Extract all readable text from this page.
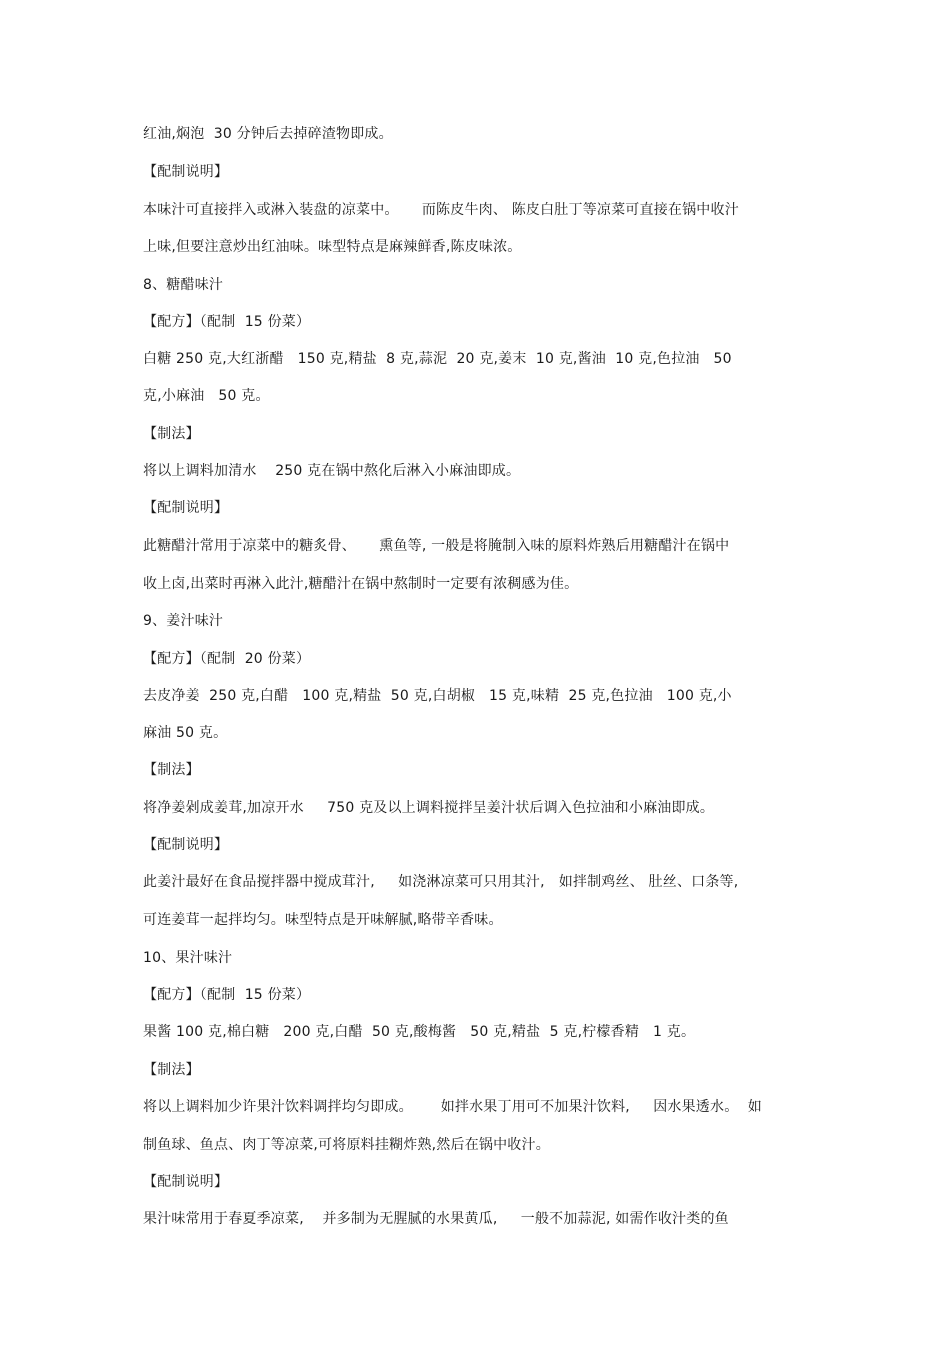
红油,焖泡  30 分钟后去掉碎渣物即成。
【配制说明】
本味汁可直接拌入或淋入装盘的凉菜中。     而陈皮牛肉、 陈皮白肚丁等凉菜可直接在锅中收汁
上味,但要注意炒出红油味。味型特点是麻辣鲜香,陈皮味浓。
8、糖醋味汁
【配方】（配制  15 份菜）
白糖 250 克,大红浙醋   150 克,精盐  8 克,蒜泥  20 克,姜末  10 克,酱油  10 克,色拉油   50
克,小麻油   50 克。
【制法】
将以上调料加清水    250 克在锅中熬化后淋入小麻油即成。
【配制说明】
此糖醋汁常用于凉菜中的糖炙骨、     熏鱼等, 一般是将腌制入味的原料炸熟后用糖醋汁在锅中
收上卤,出菜时再淋入此汁,糖醋汁在锅中熬制时一定要有浓稠感为佳。
9、姜汁味汁
【配方】（配制  20 份菜）
去皮净姜  250 克,白醋   100 克,精盐  50 克,白胡椒   15 克,味精  25 克,色拉油   100 克,小
麻油 50 克。
【制法】
将净姜剁成姜茸,加凉开水     750 克及以上调料搅拌呈姜汁状后调入色拉油和小麻油即成。
【配制说明】
此姜汁最好在食品搅拌器中搅成茸汁,     如浇淋凉菜可只用其汁,   如拌制鸡丝、 肚丝、口条等,
可连姜茸一起拌均匀。味型特点是开味解腻,略带辛香味。
10、果汁味汁
【配方】（配制  15 份菜）
果酱 100 克,棉白糖   200 克,白醋  50 克,酸梅酱   50 克,精盐  5 克,柠檬香精   1 克。
【制法】
将以上调料加少许果汁饮料调拌均匀即成。      如拌水果丁用可不加果汁饮料,     因水果透水。  如
制鱼球、鱼点、肉丁等凉菜,可将原料挂糊炸熟,然后在锅中收汁。
【配制说明】
果汁味常用于春夏季凉菜,    并多制为无腥腻的水果黄瓜,     一般不加蒜泥, 如需作收汁类的鱼
